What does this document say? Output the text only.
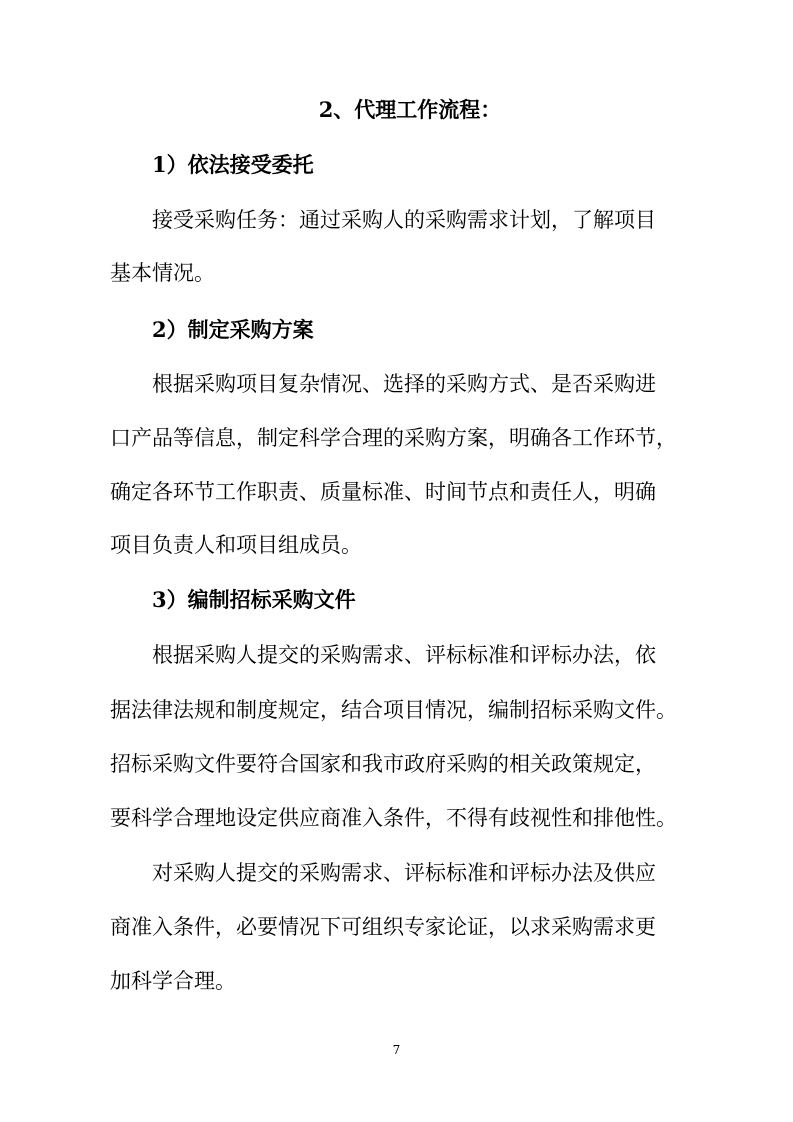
2、代理工作流程：
1）依法接受委托
接受采购任务：通过采购人的采购需求计划，了解项目
基本情况。
2）制定采购方案
根据采购项目复杂情况、选择的采购方式、是否采购进
口产品等信息，制定科学合理的采购方案，明确各工作环节，
确定各环节工作职责、质量标准、时间节点和责任人，明确
项目负责人和项目组成员。
3）编制招标采购文件
根据采购人提交的采购需求、评标标准和评标办法，依
据法律法规和制度规定，结合项目情况，编制招标采购文件。
招标采购文件要符合国家和我市政府采购的相关政策规定，
要科学合理地设定供应商准入条件，不得有歧视性和排他性。
对采购人提交的采购需求、评标标准和评标办法及供应
商准入条件，必要情况下可组织专家论证，以求采购需求更
加科学合理。
7
